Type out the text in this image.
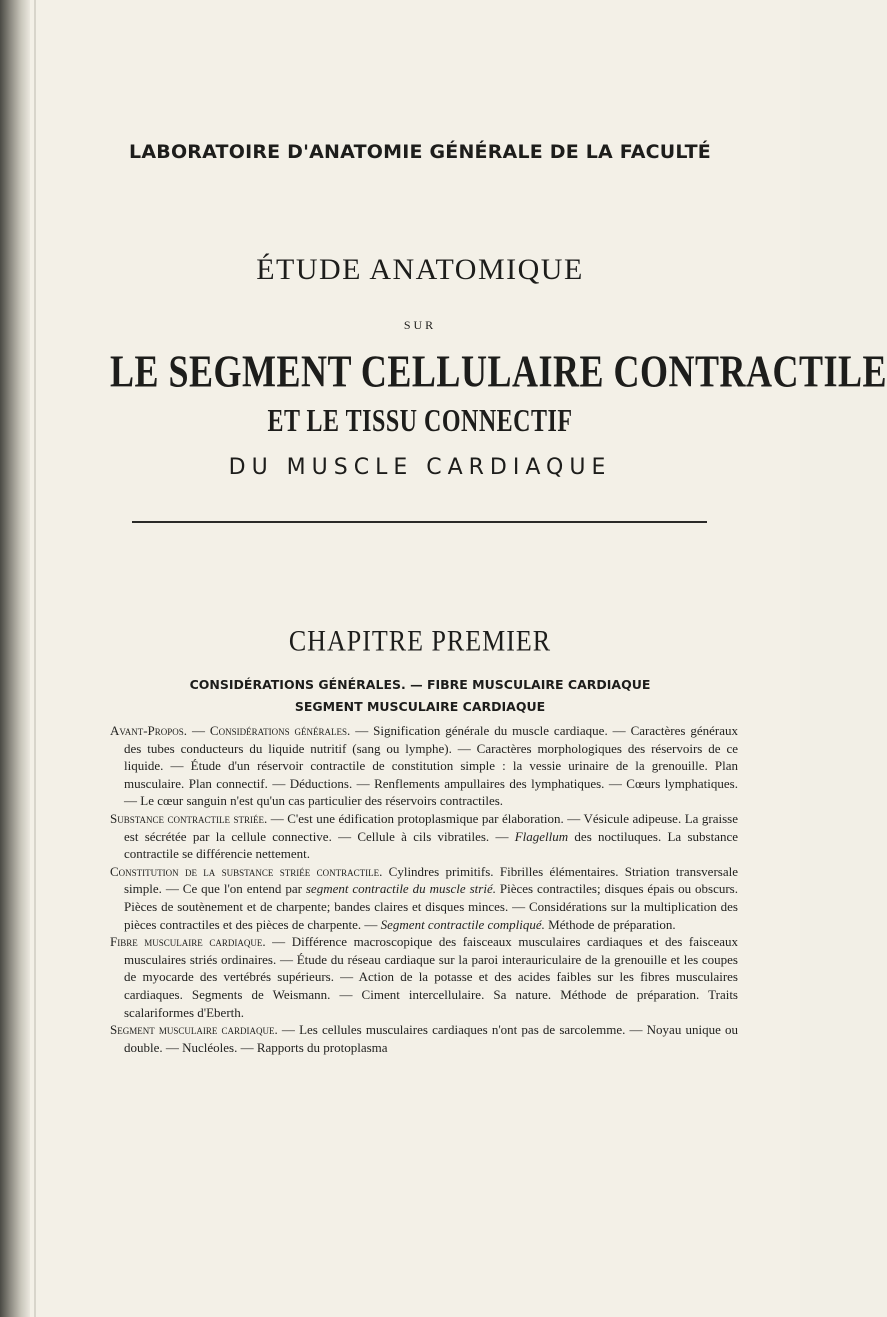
LABORATOIRE D'ANATOMIE GÉNÉRALE DE LA FACULTÉ
ÉTUDE ANATOMIQUE
SUR
LE SEGMENT CELLULAIRE CONTRACTILE
ET LE TISSU CONNECTIF
DU MUSCLE CARDIAQUE
CHAPITRE PREMIER
CONSIDÉRATIONS GÉNÉRALES. — FIBRE MUSCULAIRE CARDIAQUE
SEGMENT MUSCULAIRE CARDIAQUE

Avant-Propos. — Considérations générales. — Signification générale du muscle cardiaque. — Caractères généraux des tubes conducteurs du liquide nutritif (sang ou lymphe). — Caractères morphologiques des réservoirs de ce liquide. — Étude d'un réservoir contractile de constitution simple : la vessie urinaire de la grenouille. Plan musculaire. Plan connectif. — Déductions. — Renflements ampullaires des lymphatiques. — Cœurs lymphatiques. — Le cœur sanguin n'est qu'un cas particulier des réservoirs contractiles.

Substance contractile striée. — C'est une édification protoplasmique par élaboration. — Vésicule adipeuse. La graisse est sécrétée par la cellule connective. — Cellule à cils vibratiles. — Flagellum des noctiluques. La substance contractile se différencie nettement.

Constitution de la substance striée contractile. Cylindres primitifs. Fibrilles élémentaires. Striation transversale simple. — Ce que l'on entend par segment contractile du muscle strié. Pièces contractiles; disques épais ou obscurs. Pièces de soutènement et de charpente; bandes claires et disques minces. — Considérations sur la multiplication des pièces contractiles et des pièces de charpente. — Segment contractile compliqué. Méthode de préparation.

Fibre musculaire cardiaque. — Différence macroscopique des faisceaux musculaires cardiaques et des faisceaux musculaires striés ordinaires. — Étude du réseau cardiaque sur la paroi interauriculaire de la grenouille et les coupes de myocarde des vertébrés supérieurs. — Action de la potasse et des acides faibles sur les fibres musculaires cardiaques. Segments de Weismann. — Ciment intercellulaire. Sa nature. Méthode de préparation. Traits scalariformes d'Eberth.

Segment musculaire cardiaque. — Les cellules musculaires cardiaques n'ont pas de sarcolemme. — Noyau unique ou double. — Nucléoles. — Rapports du protoplasma
